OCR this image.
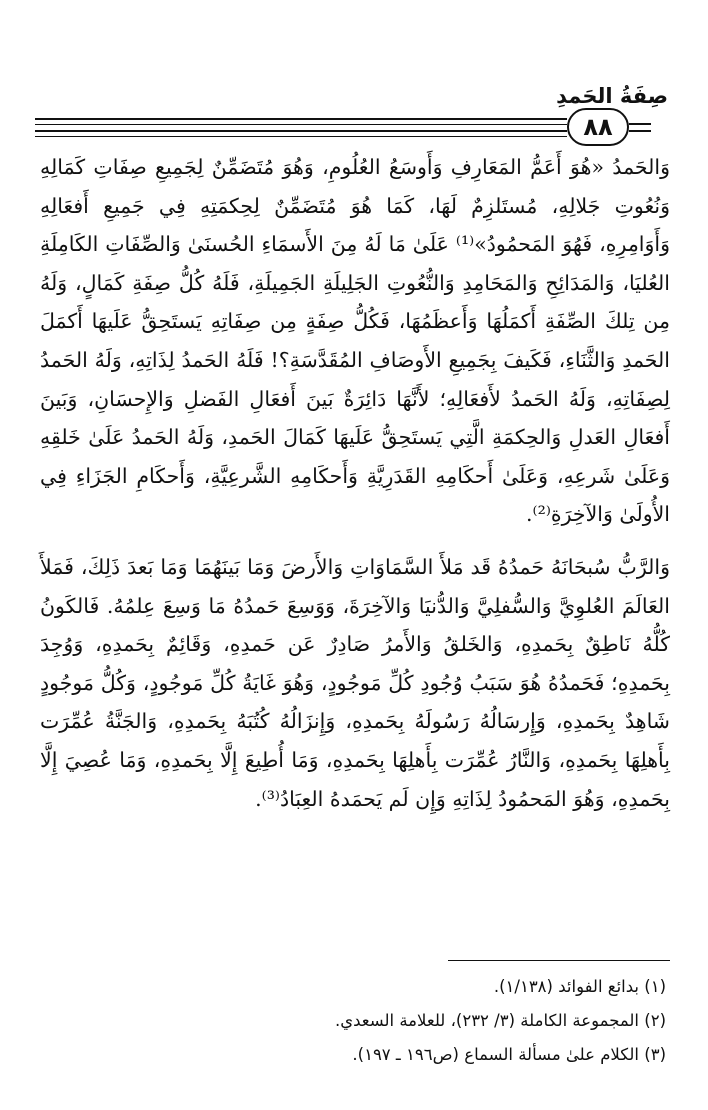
صِفَةُ الحَمدِ
٨٨

وَالحَمدُ «هُوَ أَعَمُّ المَعَارِفِ وَأَوسَعُ العُلُومِ، وَهُوَ مُتَضَمِّنٌ لِجَمِيعِ صِفَاتِ كَمَالِهِ وَنُعُوتِ جَلالِهِ، مُستَلزِمٌ لَهَا، كَمَا هُوَ مُتَضَمِّنٌ لِحِكمَتِهِ فِي جَمِيعِ أَفعَالِهِ وَأَوَامِرِهِ، فَهُوَ المَحمُودُ»⁽¹⁾ عَلَىٰ مَا لَهُ مِنَ الأَسمَاءِ الحُسنَىٰ وَالصِّفَاتِ الكَامِلَةِ العُليَا، وَالمَدَائِحِ وَالمَحَامِدِ وَالنُّعُوتِ الجَلِيلَةِ الجَمِيلَةِ، فَلَهُ كُلُّ صِفَةِ كَمَالٍ، وَلَهُ مِن تِلكَ الصِّفَةِ أَكمَلُهَا وَأَعظَمُهَا، فَكُلُّ صِفَةٍ مِن صِفَاتِهِ يَستَحِقُّ عَلَيهَا أَكمَلَ الحَمدِ وَالثَّنَاءِ، فَكَيفَ بِجَمِيعِ الأَوصَافِ المُقَدَّسَةِ؟! فَلَهُ الحَمدُ لِذَاتِهِ، وَلَهُ الحَمدُ لِصِفَاتِهِ، وَلَهُ الحَمدُ لأَفعَالِهِ؛ لأَنَّهَا دَائِرَةٌ بَينَ أَفعَالِ الفَضلِ وَالإِحسَانِ، وَبَينَ أَفعَالِ العَدلِ وَالحِكمَةِ الَّتِي يَستَحِقُّ عَلَيهَا كَمَالَ الحَمدِ، وَلَهُ الحَمدُ عَلَىٰ خَلقِهِ وَعَلَىٰ شَرعِهِ، وَعَلَىٰ أَحكَامِهِ القَدَرِيَّةِ وَأَحكَامِهِ الشَّرعِيَّةِ، وَأَحكَامِ الجَزَاءِ فِي الأُولَىٰ وَالآخِرَةِ⁽²⁾.

وَالرَّبُّ سُبحَانَهُ حَمدُهُ قَد مَلأَ السَّمَاوَاتِ وَالأَرضَ وَمَا بَينَهُمَا وَمَا بَعدَ ذَلِكَ، فَمَلأَ العَالَمَ العُلوِيَّ وَالسُّفلِيَّ وَالدُّنيَا وَالآخِرَةَ، وَوَسِعَ حَمدُهُ مَا وَسِعَ عِلمُهُ. فَالكَونُ كُلُّهُ نَاطِقٌ بِحَمدِهِ، وَالخَلقُ وَالأَمرُ صَادِرٌ عَن حَمدِهِ، وَقَائِمٌ بِحَمدِهِ، وَوُجِدَ بِحَمدِهِ؛ فَحَمدُهُ هُوَ سَبَبُ وُجُودِ كُلِّ مَوجُودٍ، وَهُوَ غَايَةُ كُلِّ مَوجُودٍ، وَكُلُّ مَوجُودٍ شَاهِدٌ بِحَمدِهِ، وَإِرسَالُهُ رَسُولَهُ بِحَمدِهِ، وَإِنزَالُهُ كُتُبَهُ بِحَمدِهِ، وَالجَنَّةُ عُمِّرَت بِأَهلِهَا بِحَمدِهِ، وَالنَّارُ عُمِّرَت بِأَهلِهَا بِحَمدِهِ، وَمَا أُطِيعَ إِلَّا بِحَمدِهِ، وَمَا عُصِيَ إِلَّا بِحَمدِهِ، وَهُوَ المَحمُودُ لِذَاتِهِ وَإِن لَم يَحمَدهُ العِبَادُ⁽³⁾.

(١) بدائع الفوائد (١/١٣٨).

(٢) المجموعة الكاملة (٣/ ٢٣٢)، للعلامة السعدي.

(٣) الكلام علىٰ مسألة السماع (ص١٩٦ ـ ١٩٧).
